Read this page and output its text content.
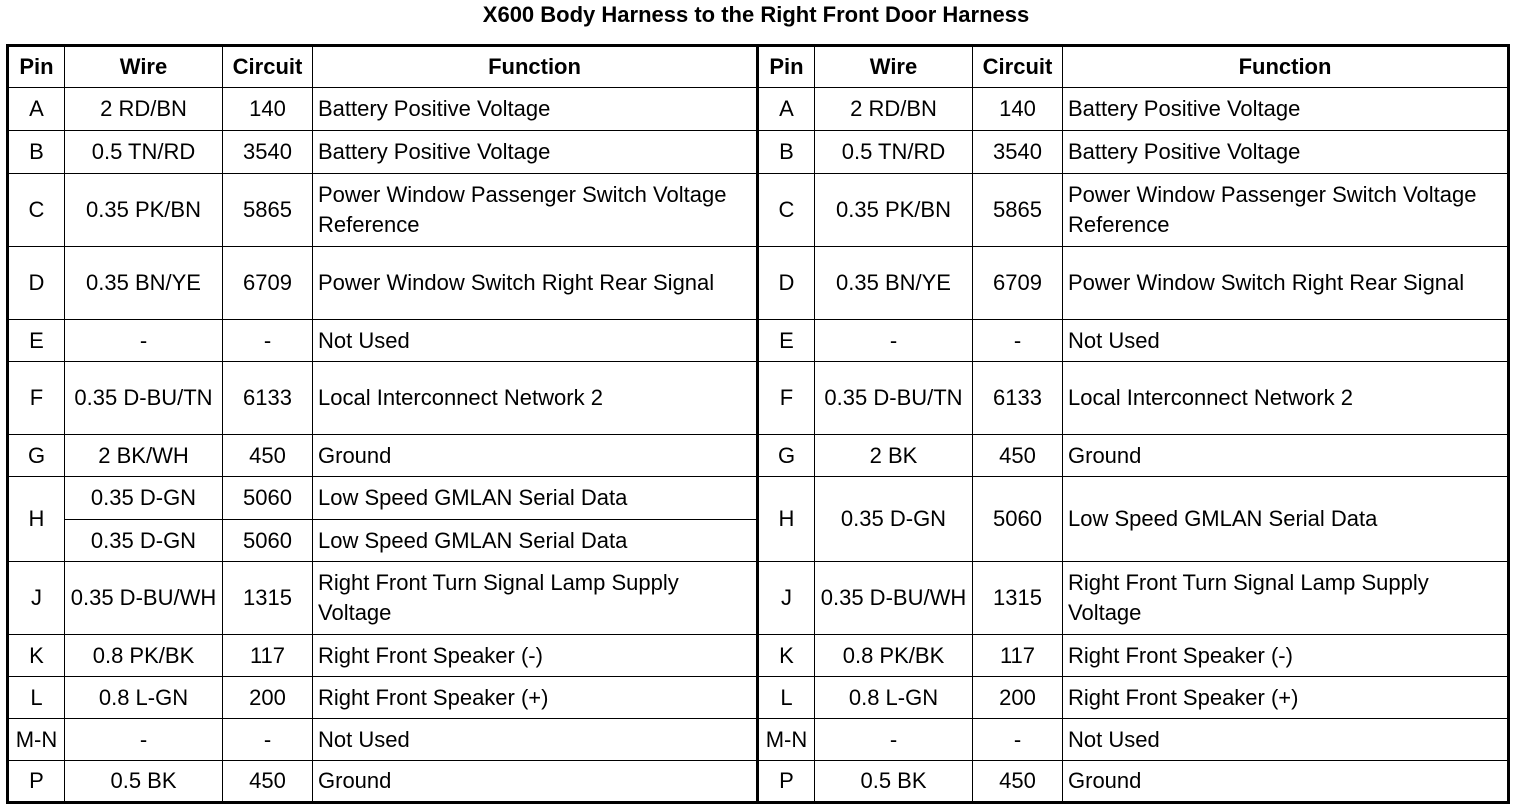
X600 Body Harness to the Right Front Door Harness
Pin	Wire	Circuit	Function	Pin	Wire	Circuit	Function
A	2 RD/BN	140	Battery Positive Voltage	A	2 RD/BN	140	Battery Positive Voltage
B	0.5 TN/RD	3540	Battery Positive Voltage	B	0.5 TN/RD	3540	Battery Positive Voltage
C	0.35 PK/BN	5865	Power Window Passenger Switch Voltage Reference	C	0.35 PK/BN	5865	Power Window Passenger Switch Voltage Reference
D	0.35 BN/YE	6709	Power Window Switch Right Rear Signal	D	0.35 BN/YE	6709	Power Window Switch Right Rear Signal
E	-	-	Not Used	E	-	-	Not Used
F	0.35 D-BU/TN	6133	Local Interconnect Network 2	F	0.35 D-BU/TN	6133	Local Interconnect Network 2
G	2 BK/WH	450	Ground	G	2 BK	450	Ground
H	0.35 D-GN	5060	Low Speed GMLAN Serial Data	H	0.35 D-GN	5060	Low Speed GMLAN Serial Data
	0.35 D-GN	5060	Low Speed GMLAN Serial Data				
J	0.35 D-BU/WH	1315	Right Front Turn Signal Lamp Supply Voltage	J	0.35 D-BU/WH	1315	Right Front Turn Signal Lamp Supply Voltage
K	0.8 PK/BK	117	Right Front Speaker (-)	K	0.8 PK/BK	117	Right Front Speaker (-)
L	0.8 L-GN	200	Right Front Speaker (+)	L	0.8 L-GN	200	Right Front Speaker (+)
M-N	-	-	Not Used	M-N	-	-	Not Used
P	0.5 BK	450	Ground	P	0.5 BK	450	Ground
